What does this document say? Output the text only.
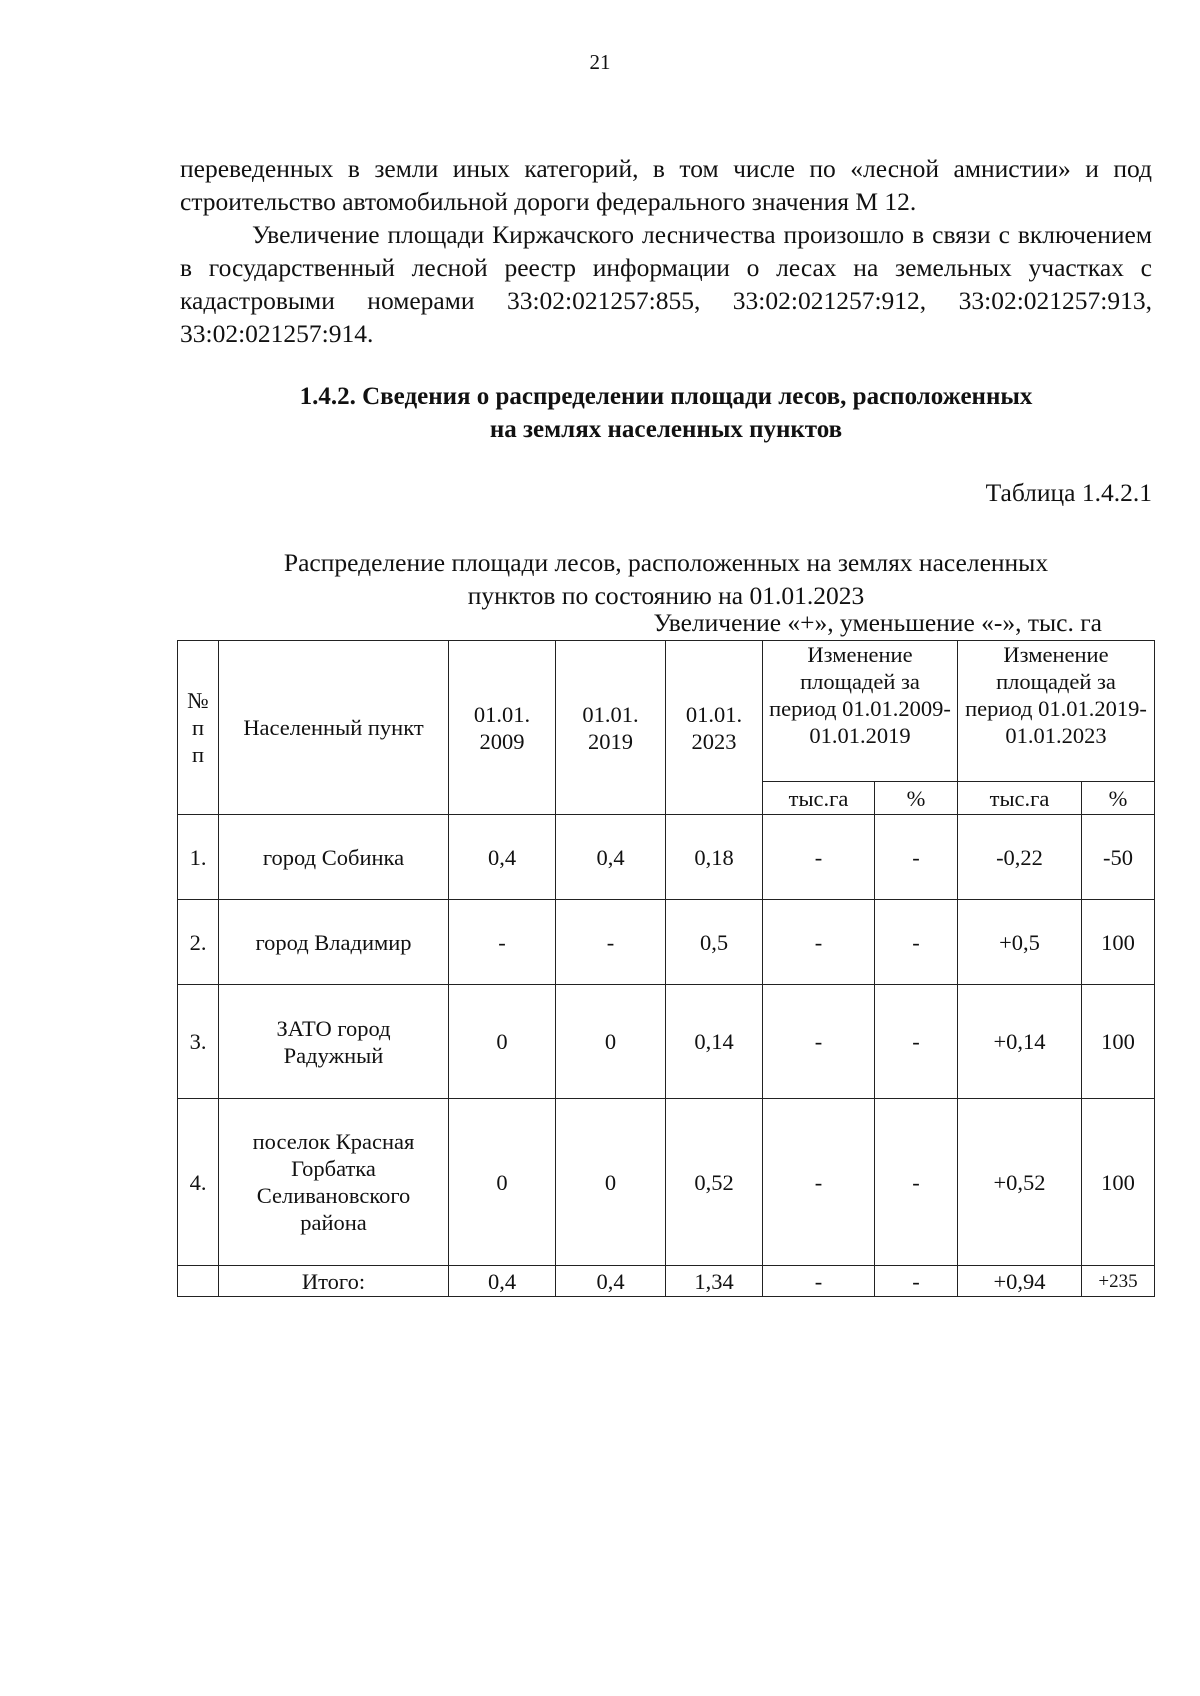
21

переведенных в земли иных категорий, в том числе по «лесной амнистии» и под строительство автомобильной дороги федерального значения М 12.

Увеличение площади Киржачского лесничества произошло в связи с включением в государственный лесной реестр информации о лесах на земельных участках с кадастровыми номерами 33:02:021257:855, 33:02:021257:912, 33:02:021257:913, 33:02:021257:914.

1.4.2. Сведения о распределении площади лесов, расположенных
на землях населенных пунктов
Таблица 1.4.2.1
Распределение площади лесов, расположенных на землях населенных
пунктов по состоянию на 01.01.2023
Увеличение «+», уменьшение «-», тыс. га
№
п
п	Населенный пункт	01.01. 2009	01.01. 2019	01.01. 2023	Изменение площадей за период 01.01.2009-01.01.2019		Изменение площадей за период 01.01.2019-01.01.2023	
					тыс.га	%	тыс.га	%
1.	город Собинка	0,4	0,4	0,18	-	-	-0,22	-50
2.	город Владимир	-	-	0,5	-	-	+0,5	100
3.	ЗАТО город Радужный	0	0	0,14	-	-	+0,14	100
4.	поселок Красная Горбатка Селивановского района	0	0	0,52	-	-	+0,52	100
	Итого:	0,4	0,4	1,34	-	-	+0,94	+235
